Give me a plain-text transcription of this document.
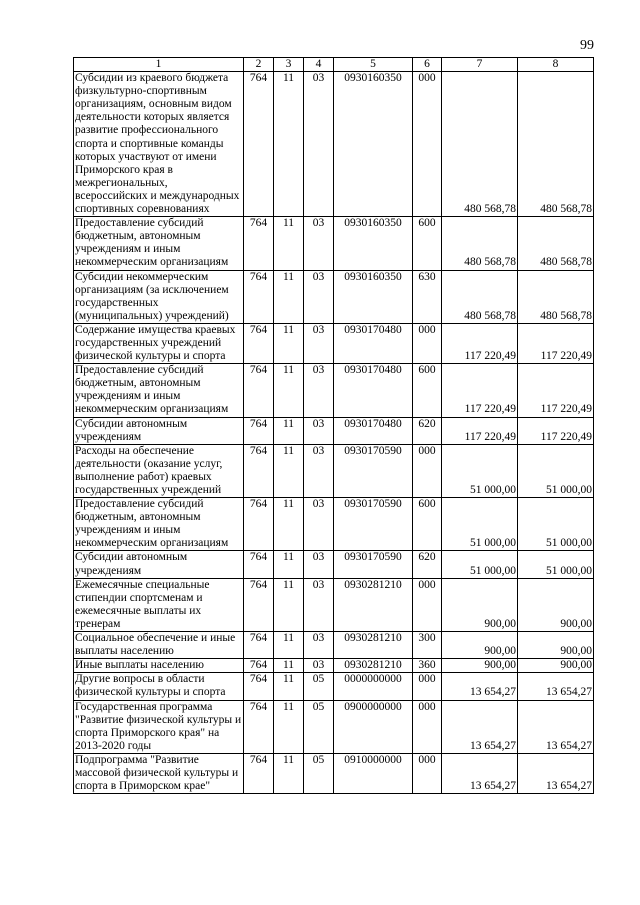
99
1	2	3	4	5	6	7	8
Субсидии из краевого бюджета физкультурно-спортивным организациям, основным видом деятельности которых является развитие профессионального спорта и спортивные команды которых участвуют от имени Приморского края в межрегиональных, всероссийских и международных спортивных соревнованиях	764	11	03	0930160350	000	480 568,78	480 568,78
Предоставление субсидий бюджетным, автономным учреждениям и иным некоммерческим организациям	764	11	03	0930160350	600	480 568,78	480 568,78
Субсидии некоммерческим организациям (за исключением государственных (муниципальных) учреждений)	764	11	03	0930160350	630	480 568,78	480 568,78
Содержание имущества краевых государственных учреждений физической культуры и спорта	764	11	03	0930170480	000	117 220,49	117 220,49
Предоставление субсидий бюджетным, автономным учреждениям и иным некоммерческим организациям	764	11	03	0930170480	600	117 220,49	117 220,49
Субсидии автономным учреждениям	764	11	03	0930170480	620	117 220,49	117 220,49
Расходы на обеспечение деятельности (оказание услуг, выполнение работ) краевых государственных учреждений	764	11	03	0930170590	000	51 000,00	51 000,00
Предоставление субсидий бюджетным, автономным учреждениям и иным некоммерческим организациям	764	11	03	0930170590	600	51 000,00	51 000,00
Субсидии автономным учреждениям	764	11	03	0930170590	620	51 000,00	51 000,00
Ежемесячные специальные стипендии спортсменам и ежемесячные выплаты их тренерам	764	11	03	0930281210	000	900,00	900,00
Социальное обеспечение и иные выплаты населению	764	11	03	0930281210	300	900,00	900,00
Иные выплаты населению	764	11	03	0930281210	360	900,00	900,00
Другие вопросы в области физической культуры и спорта	764	11	05	0000000000	000	13 654,27	13 654,27
Государственная программа "Развитие физической культуры и спорта Приморского края" на 2013-2020 годы	764	11	05	0900000000	000	13 654,27	13 654,27
Подпрограмма "Развитие массовой физической культуры и спорта в Приморском крае"	764	11	05	0910000000	000	13 654,27	13 654,27
